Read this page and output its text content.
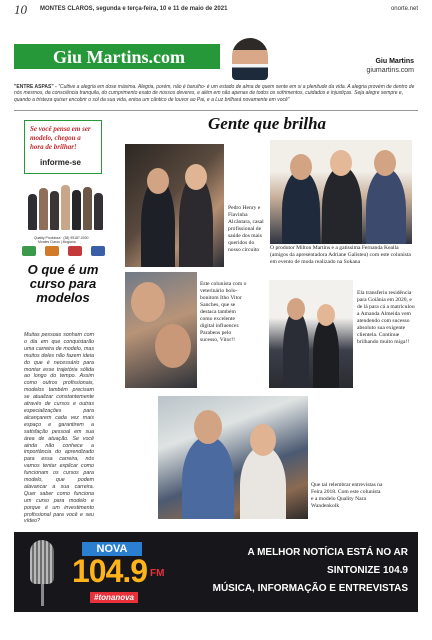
10 MONTES CLAROS, segunda e terça-feira, 10 e 11 de maio de 2021	onorte.net
Giu Martins.com	Giu Martins
giumartins.com
"ENTRE ASPAS" - "Cultive a alegria em dose máxima. Alegria, porém, não é barulho- é um estado de alma de quem sente em si a plenitude da vida. A alegria provém de dentro de nós mesmos, da consciência tranquila, do cumprimento exato de nossos deveres, e além em não apenas de todos os sofrimentos, cuidados e injustiças. Seja alegre sempre e, quando a tristeza quiser encobrir o sol da sua vida, entoa um cântico de louvor ao Pai, e a Luz brilhará novamente em você"

Se você pensa em ser modelo, chegou a hora de brilhar!

informe-se
Quality Produtora · (38) 99187-0000
Montes Claros | Mogiana
O que é um curso para modelos
Muitas pessoas sonham com o dia em que conquistarão uma carreira de modelo, mas muitos deles não fazem ideia do que é necessário para montar esse trajetória sólida ao longo do tempo. Assim como outros profissionais, modelos também precisam se atualizar constantemente através de cursos e outras especializações para alcançarem cada vez mais espaço e garantirem a satisfação pessoal em sua área de atuação. Se você ainda não conhece a importância do aprendizado para essa carreira, nós vamos tentar explicar como funcionam os cursos para modelo, que podem alavancar a sua carreira. Quer saber como funciona um curso para modelo e porque é um investimento profissional para você e seu vídeo?
Gente que brilha
Pedro Henry e Flavinha Alcântara, casal profissional de saúde dos mais queridos do nosso circuito	O produtor Milton Martins e a gatissima Fernanda Kealla (amigos da apresentadora Adriane Galisteu) com este colunista em evento de moda realizado na Sokana
Este colunista com o veterinário bolo- bonitom Itho Vitor Sanches, que se destaca também como excelente digital influencer. Parabens pelo sucesso, Vitor!!
Ela transferiu residência para Goiânia em 2020, e de lá para cá a matriculou a Amanda Almeida vem atendendo com sucesso absoluto sua exigente clientela. Continue brilhando muito miga!!
Que tal relembrar entrevistas na Feira 2018. Com este colunista e a modelo Quality Nara Wandenkolk
NOVA
104.9 FM
#tonanova
A MELHOR NOTÍCIA ESTÁ NO AR
SINTONIZE 104.9
MÚSICA, INFORMAÇÃO E ENTREVISTAS
